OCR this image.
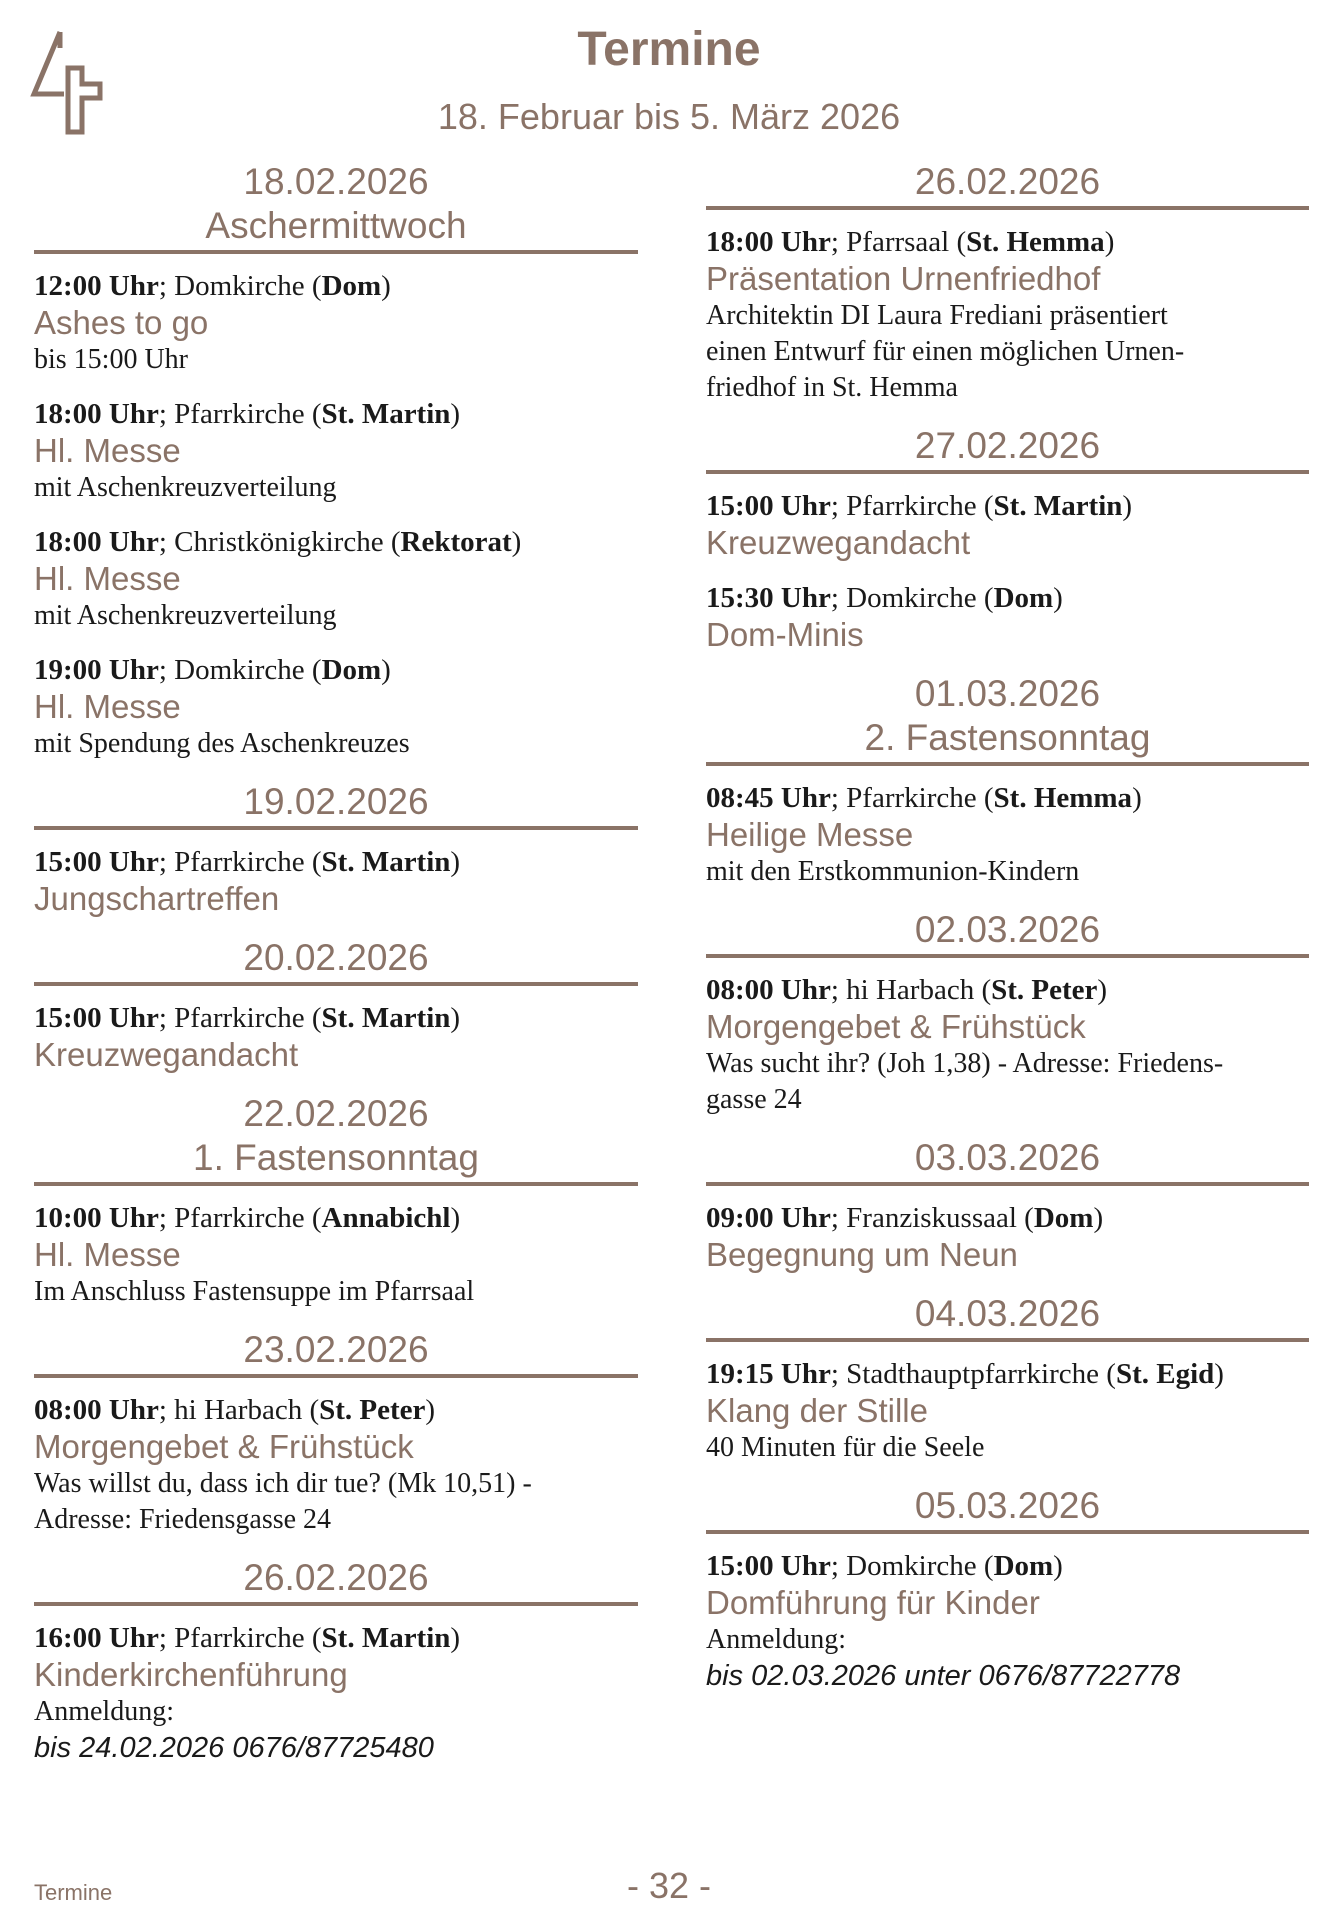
Termine
18. Februar bis 5. März 2026
18.02.2026
Aschermittwoch
12:00 Uhr; Domkirche (Dom)
Ashes to go
bis 15:00 Uhr
18:00 Uhr; Pfarrkirche (St. Martin)
Hl. Messe
mit Aschenkreuzverteilung
18:00 Uhr; Christkönigkirche (Rektorat)
Hl. Messe
mit Aschenkreuzverteilung
19:00 Uhr; Domkirche (Dom)
Hl. Messe
mit Spendung des Aschenkreuzes
19.02.2026
15:00 Uhr; Pfarrkirche (St. Martin)
Jungschartreffen
20.02.2026
15:00 Uhr; Pfarrkirche (St. Martin)
Kreuzwegandacht
22.02.2026
1. Fastensonntag
10:00 Uhr; Pfarrkirche (Annabichl)
Hl. Messe
Im Anschluss Fastensuppe im Pfarrsaal
23.02.2026
08:00 Uhr; hi Harbach (St. Peter)
Morgengebet & Frühstück
Was willst du, dass ich dir tue? (Mk 10,51) -
Adresse: Friedensgasse 24
26.02.2026
16:00 Uhr; Pfarrkirche (St. Martin)
Kinderkirchenführung
Anmeldung:
bis 24.02.2026 0676/87725480
26.02.2026
18:00 Uhr; Pfarrsaal (St. Hemma)
Präsentation Urnenfriedhof
Architektin DI Laura Frediani präsentiert
einen Entwurf für einen möglichen Urnen-
friedhof in St. Hemma
27.02.2026
15:00 Uhr; Pfarrkirche (St. Martin)
Kreuzwegandacht
15:30 Uhr; Domkirche (Dom)
Dom-Minis
01.03.2026
2. Fastensonntag
08:45 Uhr; Pfarrkirche (St. Hemma)
Heilige Messe
mit den Erstkommunion-Kindern
02.03.2026
08:00 Uhr; hi Harbach (St. Peter)
Morgengebet & Frühstück
Was sucht ihr? (Joh 1,38) - Adresse: Friedens-
gasse 24
03.03.2026
09:00 Uhr; Franziskussaal (Dom)
Begegnung um Neun
04.03.2026
19:15 Uhr; Stadthauptpfarrkirche (St. Egid)
Klang der Stille
40 Minuten für die Seele
05.03.2026
15:00 Uhr; Domkirche (Dom)
Domführung für Kinder
Anmeldung:
bis 02.03.2026 unter 0676/87722778
Termine	- 32 -
